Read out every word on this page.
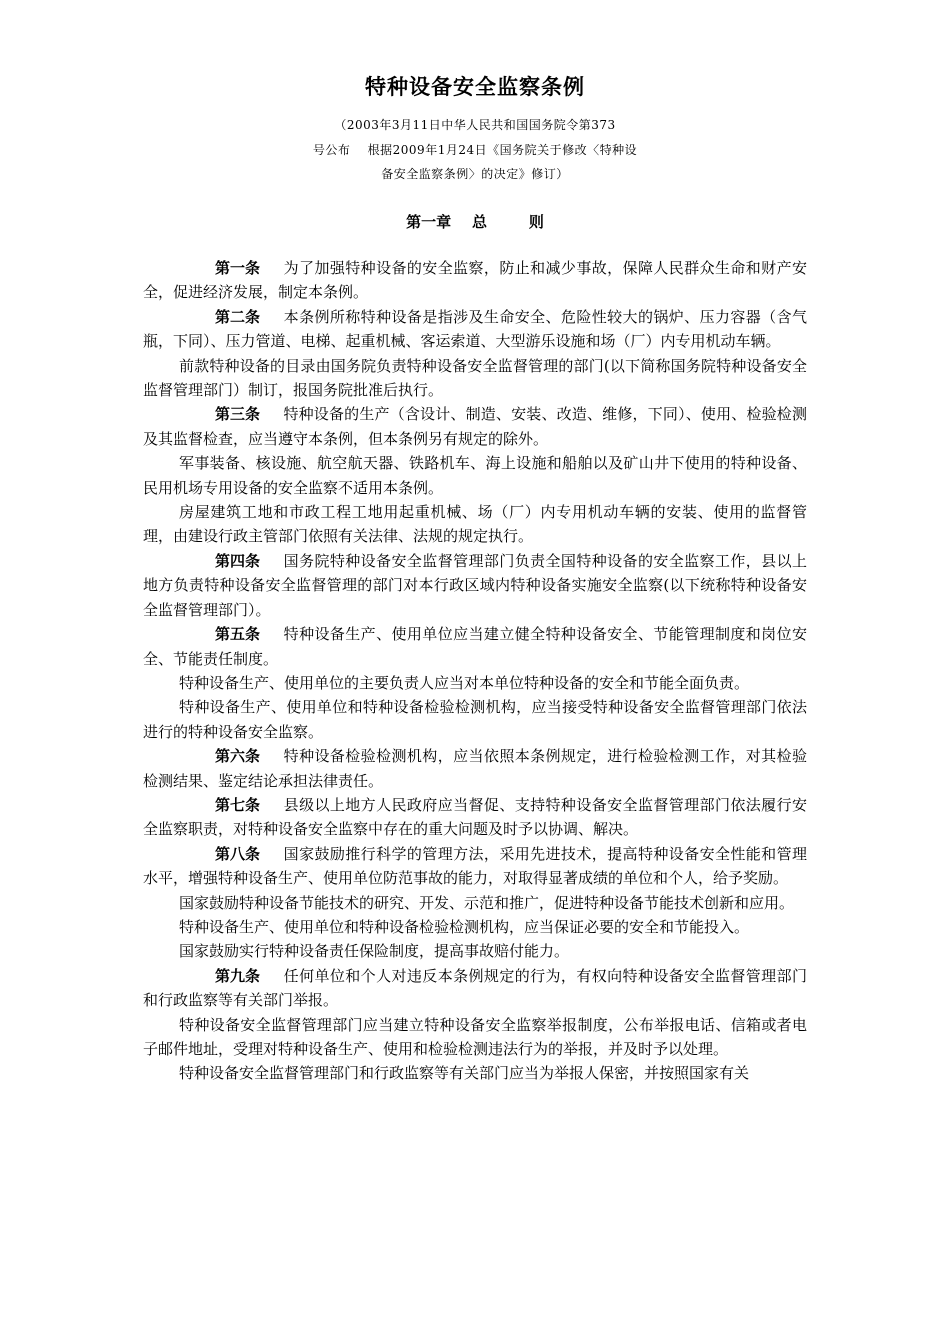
特种设备安全监察条例
（2003年3月11日中华人民共和国国务院令第373
号公布    根据2009年1月24日《国务院关于修改〈特种设
备安全监察条例〉的决定》修订）
第一章    总        则

第一条 为了加强特种设备的安全监察，防止和减少事故，保障人民群众生命和财产安全，促进经济发展，制定本条例。

第二条 本条例所称特种设备是指涉及生命安全、危险性较大的锅炉、压力容器（含气瓶，下同）、压力管道、电梯、起重机械、客运索道、大型游乐设施和场（厂）内专用机动车辆。

前款特种设备的目录由国务院负责特种设备安全监督管理的部门(以下简称国务院特种设备安全监督管理部门）制订，报国务院批准后执行。

第三条 特种设备的生产（含设计、制造、安装、改造、维修，下同）、使用、检验检测及其监督检查，应当遵守本条例，但本条例另有规定的除外。

军事装备、核设施、航空航天器、铁路机车、海上设施和船舶以及矿山井下使用的特种设备、民用机场专用设备的安全监察不适用本条例。

房屋建筑工地和市政工程工地用起重机械、场（厂）内专用机动车辆的安装、使用的监督管理，由建设行政主管部门依照有关法律、法规的规定执行。

第四条 国务院特种设备安全监督管理部门负责全国特种设备的安全监察工作，县以上地方负责特种设备安全监督管理的部门对本行政区域内特种设备实施安全监察(以下统称特种设备安全监督管理部门）。

第五条 特种设备生产、使用单位应当建立健全特种设备安全、节能管理制度和岗位安全、节能责任制度。

特种设备生产、使用单位的主要负责人应当对本单位特种设备的安全和节能全面负责。

特种设备生产、使用单位和特种设备检验检测机构，应当接受特种设备安全监督管理部门依法进行的特种设备安全监察。

第六条 特种设备检验检测机构，应当依照本条例规定，进行检验检测工作，对其检验检测结果、鉴定结论承担法律责任。

第七条 县级以上地方人民政府应当督促、支持特种设备安全监督管理部门依法履行安全监察职责，对特种设备安全监察中存在的重大问题及时予以协调、解决。

第八条 国家鼓励推行科学的管理方法，采用先进技术，提高特种设备安全性能和管理水平，增强特种设备生产、使用单位防范事故的能力，对取得显著成绩的单位和个人，给予奖励。

国家鼓励特种设备节能技术的研究、开发、示范和推广，促进特种设备节能技术创新和应用。

特种设备生产、使用单位和特种设备检验检测机构，应当保证必要的安全和节能投入。

国家鼓励实行特种设备责任保险制度，提高事故赔付能力。

第九条 任何单位和个人对违反本条例规定的行为，有权向特种设备安全监督管理部门和行政监察等有关部门举报。

特种设备安全监督管理部门应当建立特种设备安全监察举报制度，公布举报电话、信箱或者电子邮件地址，受理对特种设备生产、使用和检验检测违法行为的举报，并及时予以处理。

特种设备安全监督管理部门和行政监察等有关部门应当为举报人保密，并按照国家有关
